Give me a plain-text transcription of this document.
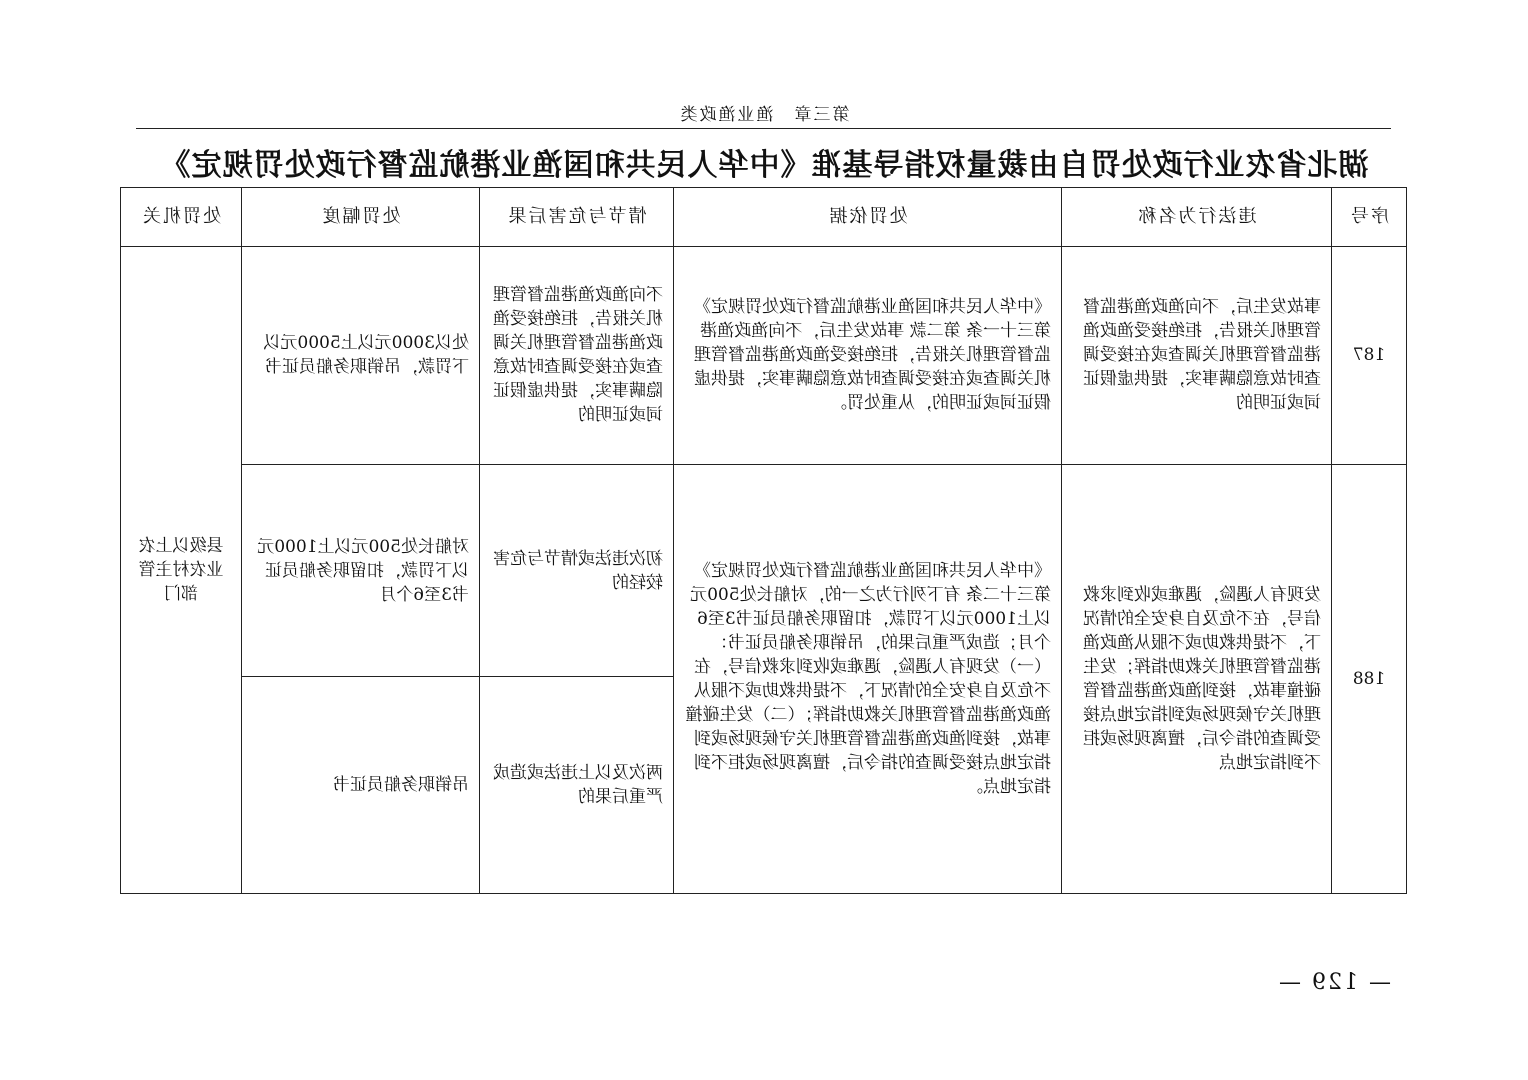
第三章　渔业渔政类
湖北省农业行政处罚自由裁量权指导基准《中华人民共和国渔业港航监督行政处罚规定》
序号	违法行为名称	处罚依据	情节与危害后果	处罚幅度	处罚机关
187	事故发生后，不向渔政渔港监督管理机关报告，拒绝接受渔政渔港监督管理机关调查或在接受调查时故意隐瞒事实，提供虚假证词或证明的	《中华人民共和国渔业港航监督行政处罚规定》第三十一条 第二款 事故发生后，不向渔政渔港监督管理机关报告，拒绝接受渔政渔港监督管理机关调查或在接受调查时故意隐瞒事实，提供虚假证词或证明的，从重处罚。	不向渔政渔港监督管理机关报告，拒绝接受渔政渔港监督管理机关调查或在接受调查时故意隐瞒事实，提供虚假证词或证明的	处以3000元以上5000元以下罚款，吊销职务船员证书	县级以上农业农村主管部门
188	发现有人遇险，遇难或收到求救信号，在不危及自身安全的情况下，不提供救助或不服从渔政渔港监督管理机关救助指挥；发生碰撞事故，接到渔政渔港监督管理机关守候现场或到指定地点接受调查的指令后，擅离现场或拒不到指定地点	《中华人民共和国渔业港航监督行政处罚规定》第三十二条 有下列行为之一的，对船长处500元以上1000元以下罚款，扣留职务船员证书3至6个月；造成严重后果的，吊销职务船员证书：（一）发现有人遇险，遇难或收到求救信号，在不危及自身安全的情况下，不提供救助或不服从渔政渔港监督管理机关救助指挥；（二）发生碰撞事故，接到渔政渔港监督管理机关守候现场或到指定地点接受调查的指令后，擅离现场或拒不到指定地点。	初次违法或情节与危害较轻的	对船长处500元以上1000元以下罚款，扣留职务船员证书3至6个月	
			两次及以上违法或造成严重后果的	吊销职务船员证书	
— 129 —
